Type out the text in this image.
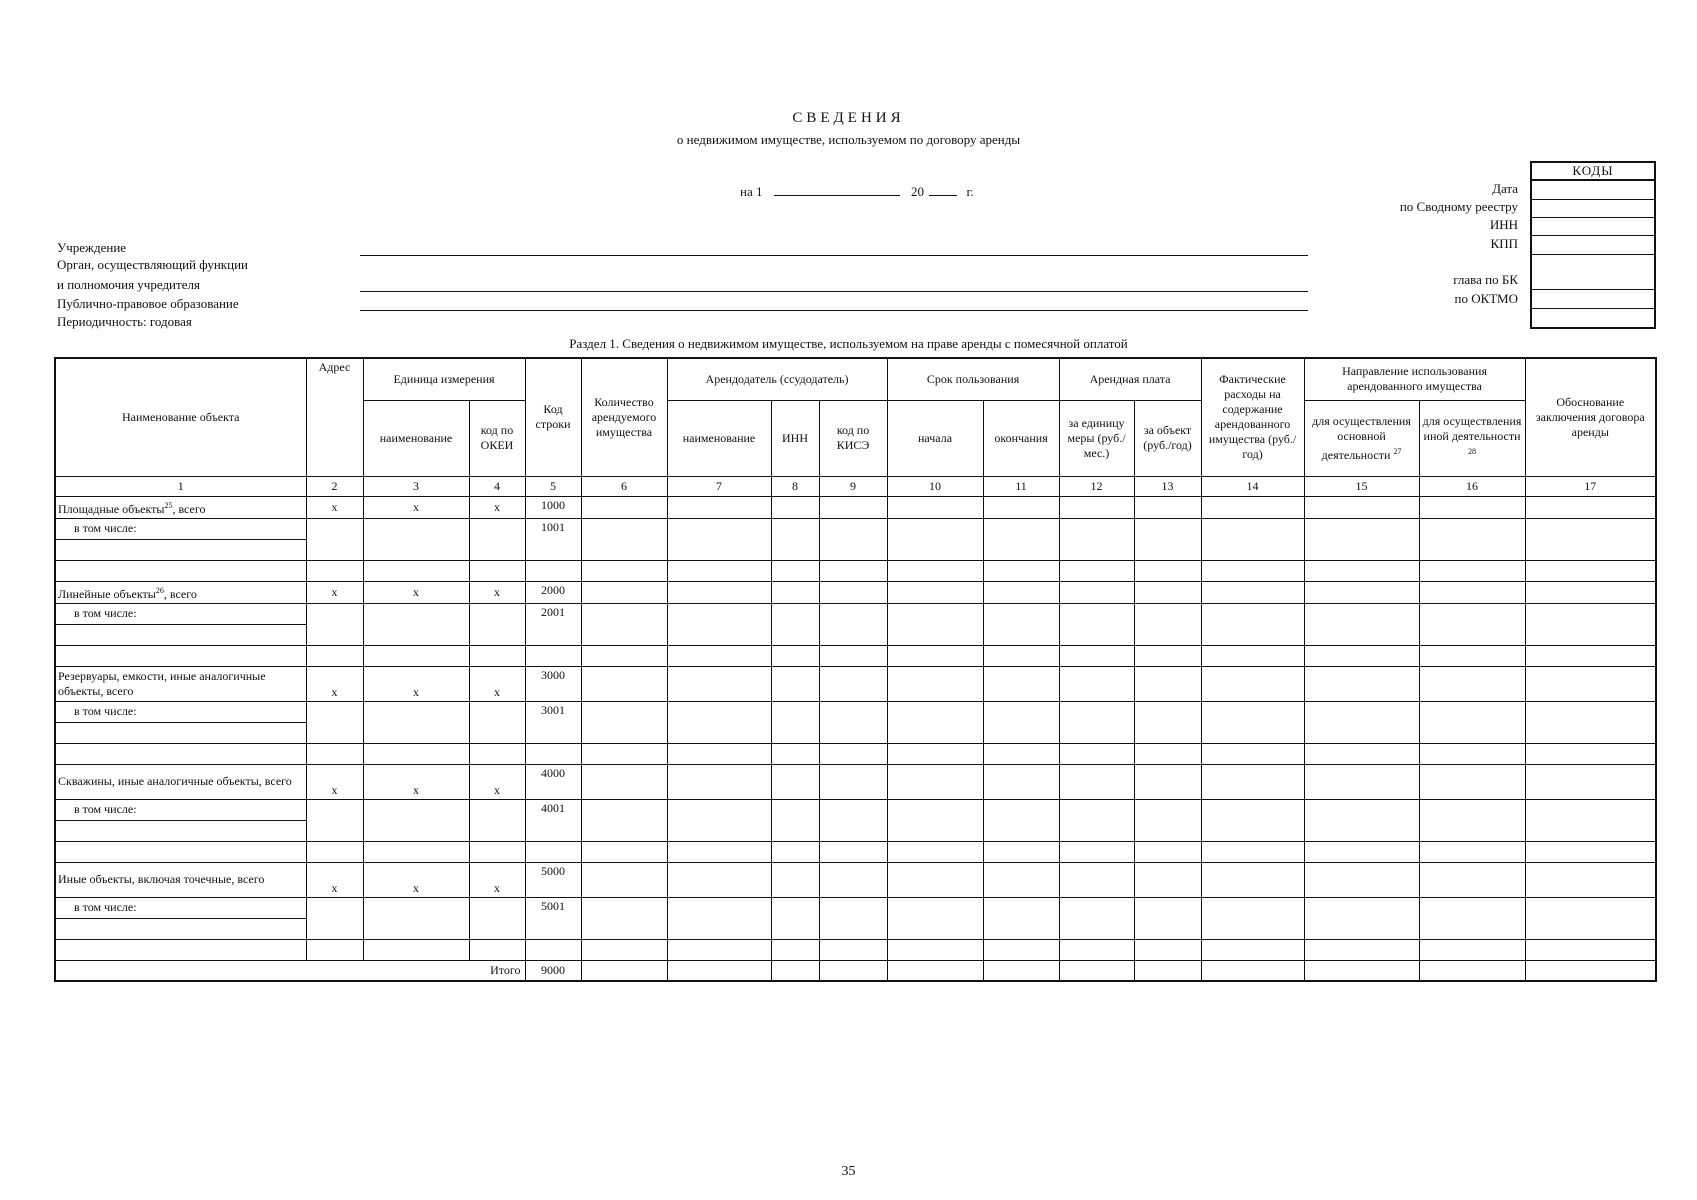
СВЕДЕНИЯ
о недвижимом имуществе, используемом по договору аренды
на 1	20	г.
КОДЫ
Дата
по Сводному реестру
ИНН
КПП
глава по БК
по ОКТМО
Учреждение
Орган, осуществляющий функции
и полномочия учредителя
Публично-правовое образование
Периодичность: годовая
Раздел 1. Сведения о недвижимом имуществе, используемом на праве аренды с помесячной оплатой
Наименование объекта	Адрес	Единица измерения		Код строки	Количество арендуемого имущества	Арендодатель (ссудодатель)			Срок пользования		Арендная плата		Фактические расходы на содержание арендованного имущества (руб./год)	Направление использования арендованного имущества		Обоснование заключения договора аренды
		наименование	код по ОКЕИ			наименование	ИНН	код по КИСЭ	начала	окончания	за единицу меры (руб./мес.)	за объект (руб./год)		для осуществления основной деятельности $^{27}$	для осуществления иной деятельности $^{28}$
1	2	3	4	5	6	7	8	9	10	11	12	13	14	15	16	17
Площадные объекты$^{25}$, всего	x	x	x	1000												
в том числе:				1001												

Линейные объекты$^{26}$, всего	x	x	x	2000												
в том числе:				2001												

Резервуары, емкости, иные аналогичные объекты, всего	x	x	x	3000												
в том числе:				3001												

Скважины, иные аналогичные объекты, всего	x	x	x	4000												
в том числе:				4001												

Иные объекты, включая точечные, всего	x	x	x	5000												
в том числе:				5001												

Итого				9000												
35
